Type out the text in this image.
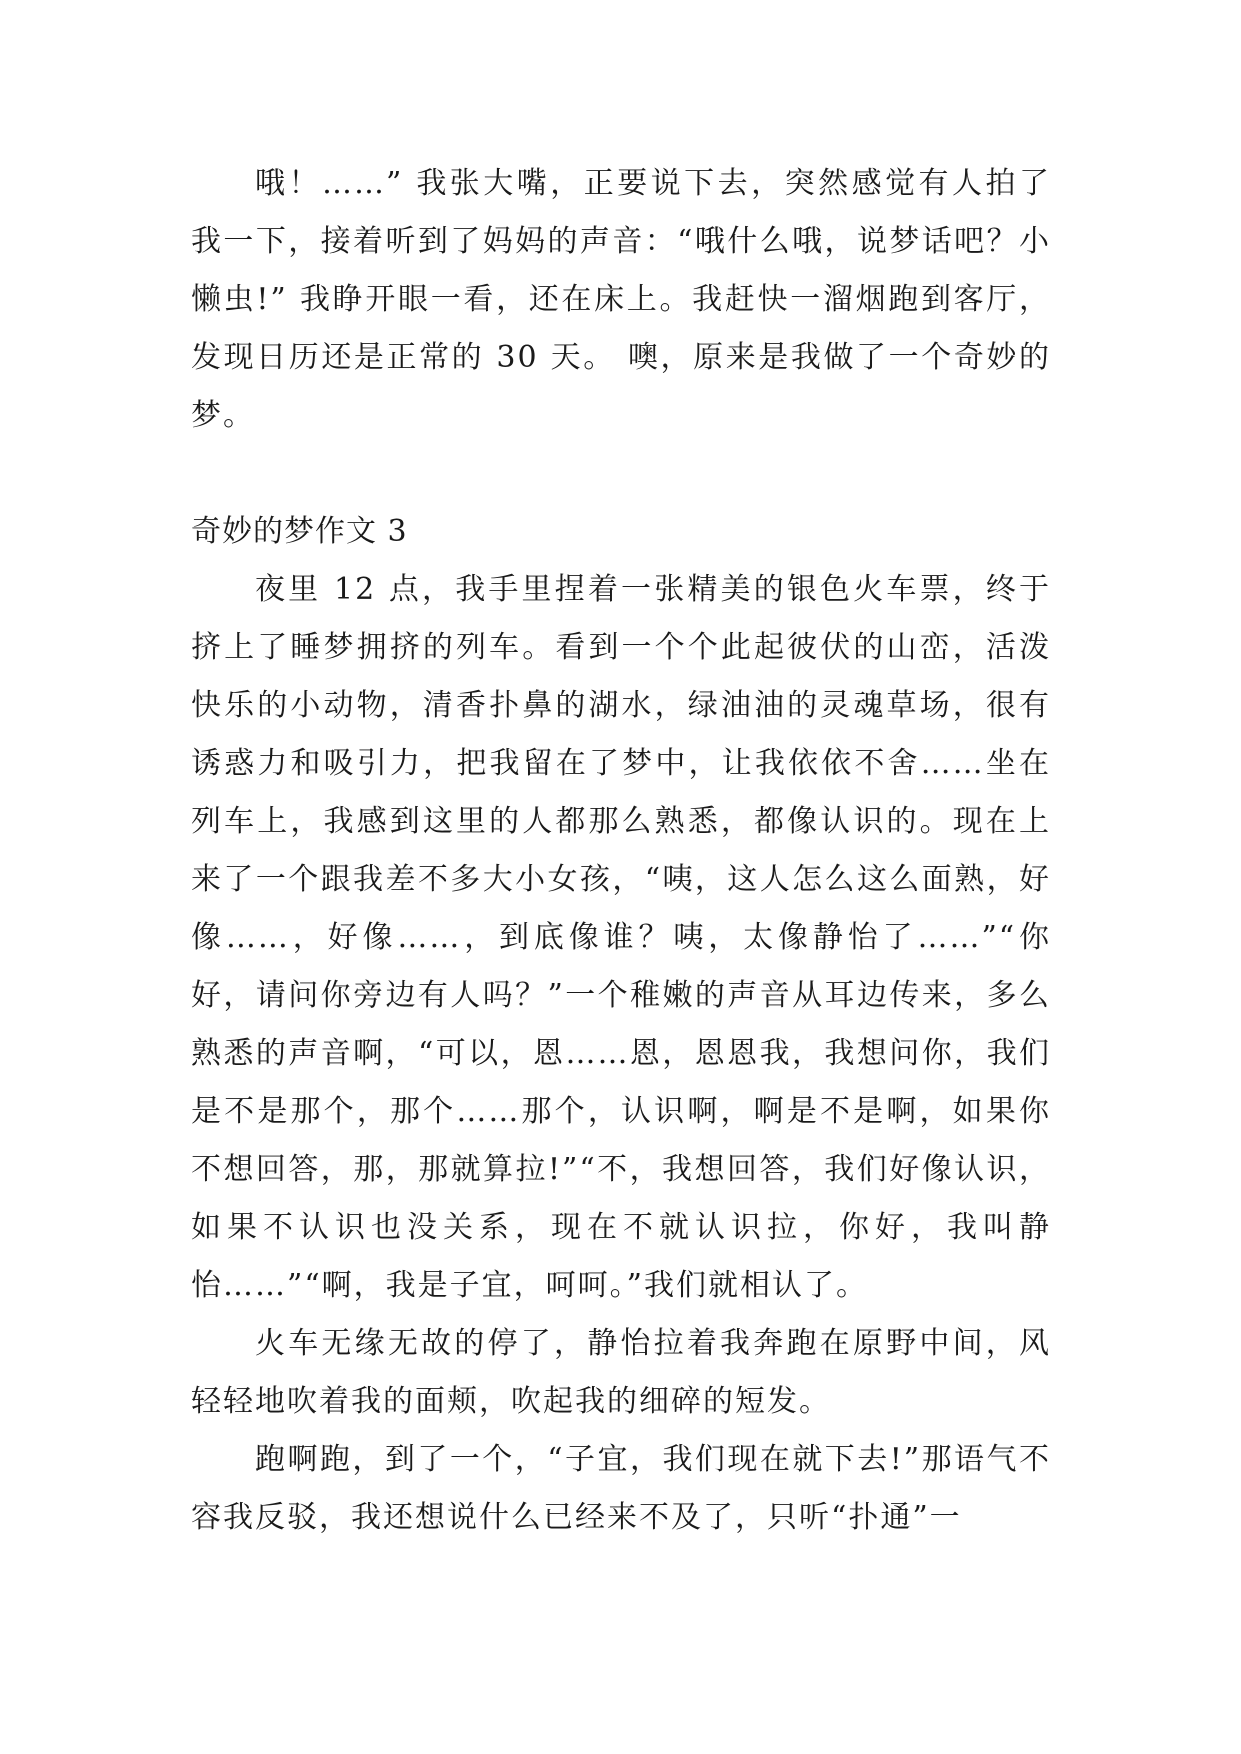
哦！……” 我张大嘴，正要说下去，突然感觉有人拍了我一下，接着听到了妈妈的声音：“哦什么哦，说梦话吧？小懒虫!” 我睁开眼一看，还在床上。我赶快一溜烟跑到客厅，发现日历还是正常的 30 天。 噢，原来是我做了一个奇妙的梦。

奇妙的梦作文 3

夜里 12 点，我手里捏着一张精美的银色火车票，终于挤上了睡梦拥挤的列车。看到一个个此起彼伏的山峦，活泼快乐的小动物，清香扑鼻的湖水，绿油油的灵魂草场，很有诱惑力和吸引力，把我留在了梦中，让我依依不舍……坐在列车上，我感到这里的人都那么熟悉，都像认识的。现在上来了一个跟我差不多大小女孩，“咦，这人怎么这么面熟，好像……，好像……，到底像谁？咦，太像静怡了……”“你好，请问你旁边有人吗？”一个稚嫩的声音从耳边传来，多么熟悉的声音啊，“可以，恩……恩，恩恩我，我想问你，我们是不是那个，那个……那个，认识啊，啊是不是啊，如果你不想回答，那，那就算拉!”“不，我想回答，我们好像认识，如果不认识也没关系，现在不就认识拉，你好，我叫静怡……”“啊，我是子宜，呵呵。”我们就相认了。

火车无缘无故的停了，静怡拉着我奔跑在原野中间，风轻轻地吹着我的面颊，吹起我的细碎的短发。

跑啊跑，到了一个，“子宜，我们现在就下去!”那语气不容我反驳，我还想说什么已经来不及了，只听“扑通”一
